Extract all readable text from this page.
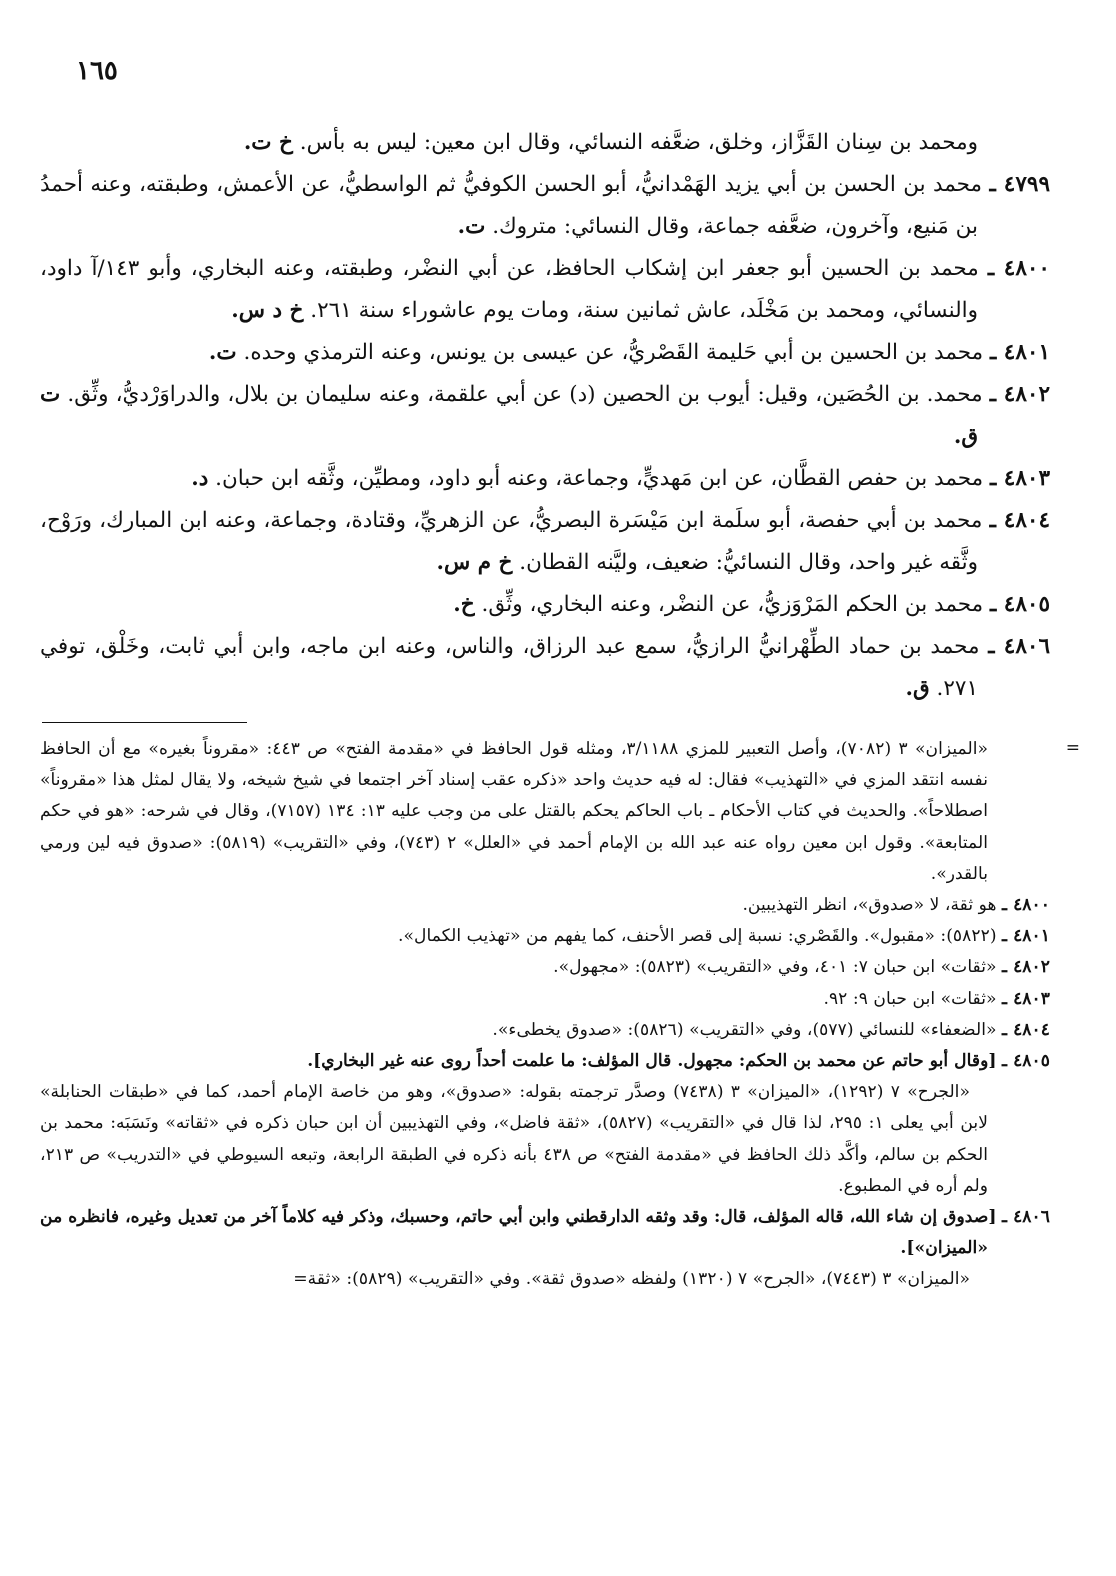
١٦٥

ومحمد بن سِنان القَزَّاز، وخلق، ضعَّفه النسائي، وقال ابن معين: ليس به بأس. خ ت.

٤٧٩٩ ـ محمد بن الحسن بن أبي يزيد الهَمْدانيُّ، أبو الحسن الكوفيُّ ثم الواسطيُّ، عن الأعمش، وطبقته، وعنه أحمدُ بن مَنيع، وآخرون، ضعَّفه جماعة، وقال النسائي: متروك. ت.

٤٨٠٠ ـ محمد بن الحسين أبو جعفر ابن إشكاب الحافظ، عن أبي النضْر، وطبقته، وعنه البخاري، وأبو ١٤٣/آ داود، والنسائي، ومحمد بن مَخْلَد، عاش ثمانين سنة، ومات يوم عاشوراء سنة ٢٦١. خ د س.

٤٨٠١ ـ محمد بن الحسين بن أبي حَليمة القَصْريُّ، عن عيسى بن يونس، وعنه الترمذي وحده. ت.

٤٨٠٢ ـ محمد. بن الحُصَين، وقيل: أيوب بن الحصين (د) عن أبي علقمة، وعنه سليمان بن بلال، والدراوَرْديُّ، وثِّق. ت ق.

٤٨٠٣ ـ محمد بن حفص القطَّان، عن ابن مَهديٍّ، وجماعة، وعنه أبو داود، ومطيِّن، وثَّقه ابن حبان. د.

٤٨٠٤ ـ محمد بن أبي حفصة، أبو سلَمة ابن مَيْسَرة البصريُّ، عن الزهريِّ، وقتادة، وجماعة، وعنه ابن المبارك، ورَوْح، وثَّقه غير واحد، وقال النسائيُّ: ضعيف، وليَّنه القطان. خ م س.

٤٨٠٥ ـ محمد بن الحكم المَرْوَزيُّ، عن النضْر، وعنه البخاري، وثِّق. خ.

٤٨٠٦ ـ محمد بن حماد الطِّهْرانيُّ الرازيُّ، سمع عبد الرزاق، والناس، وعنه ابن ماجه، وابن أبي ثابت، وخَلْق، توفي ٢٧١. ق.

=

«الميزان» ٣ (٧٠٨٢)، وأصل التعبير للمزي ٣/١١٨٨، ومثله قول الحافظ في «مقدمة الفتح» ص ٤٤٣: «مقروناً بغيره» مع أن الحافظ نفسه انتقد المزي في «التهذيب» فقال: له فيه حديث واحد «ذكره عقب إسناد آخر اجتمعا في شيخ شيخه، ولا يقال لمثل هذا «مقروناً» اصطلاحاً». والحديث في كتاب الأحكام ـ باب الحاكم يحكم بالقتل على من وجب عليه ١٣: ١٣٤ (٧١٥٧)، وقال في شرحه: «هو في حكم المتابعة». وقول ابن معين رواه عنه عبد الله بن الإمام أحمد في «العلل» ٢ (٧٤٣)، وفي «التقريب» (٥٨١٩): «صدوق فيه لين ورمي بالقدر».

٤٨٠٠ ـ هو ثقة، لا «صدوق»، انظر التهذيبين.

٤٨٠١ ـ (٥٨٢٢): «مقبول». والقَصْري: نسبة إلى قصر الأحنف، كما يفهم من «تهذيب الكمال».

٤٨٠٢ ـ «ثقات» ابن حبان ٧: ٤٠١، وفي «التقريب» (٥٨٢٣): «مجهول».

٤٨٠٣ ـ «ثقات» ابن حبان ٩: ٩٢.

٤٨٠٤ ـ «الضعفاء» للنسائي (٥٧٧)، وفي «التقريب» (٥٨٢٦): «صدوق يخطىء».

٤٨٠٥ ـ [وقال أبو حاتم عن محمد بن الحكم: مجهول. قال المؤلف: ما علمت أحداً روى عنه غير البخاري].

«الجرح» ٧ (١٢٩٢)، «الميزان» ٣ (٧٤٣٨) وصدَّر ترجمته بقوله: «صدوق»، وهو من خاصة الإمام أحمد، كما في «طبقات الحنابلة» لابن أبي يعلى ١: ٢٩٥، لذا قال في «التقريب» (٥٨٢٧)، «ثقة فاضل»، وفي التهذيبين أن ابن حبان ذكره في «ثقاته» ونَسَبَه: محمد بن الحكم بن سالم، وأكَّد ذلك الحافظ في «مقدمة الفتح» ص ٤٣٨ بأنه ذكره في الطبقة الرابعة، وتبعه السيوطي في «التدريب» ص ٢١٣، ولم أره في المطبوع.

٤٨٠٦ ـ [صدوق إن شاء الله، قاله المؤلف، قال: وقد وثقه الدارقطني وابن أبي حاتم، وحسبك، وذكر فيه كلاماً آخر من تعديل وغيره، فانظره من «الميزان»].

«الميزان» ٣ (٧٤٤٣)، «الجرح» ٧ (١٣٢٠) ولفظه «صدوق ثقة». وفي «التقريب» (٥٨٢٩): «ثقة=
